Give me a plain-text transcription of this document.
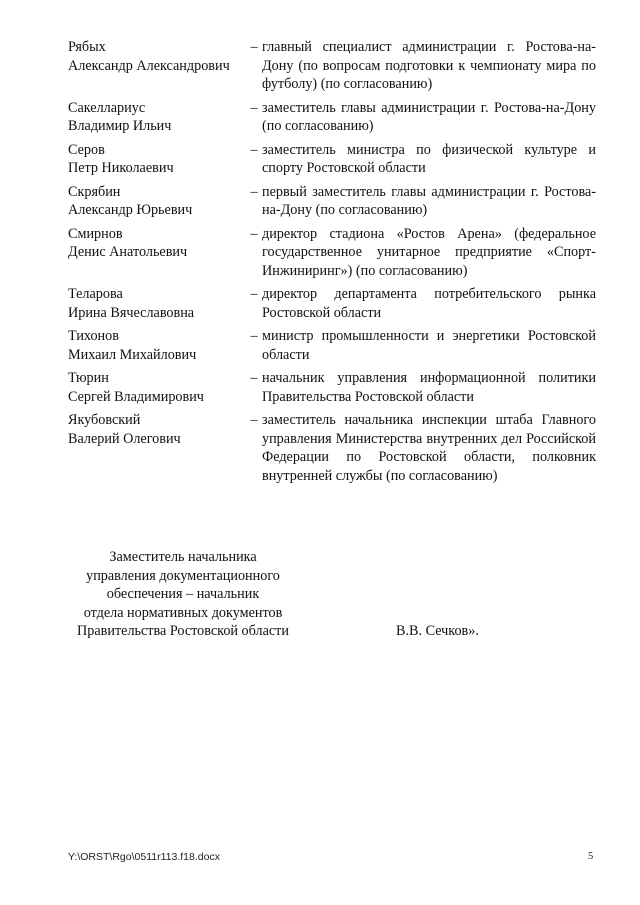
Рябых
Александр Александрович
– главный специалист администрации г. Ростова-на-Дону (по вопросам подготовки к чемпионату мира по футболу) (по согласованию)
Сакеллариус
Владимир Ильич
– заместитель главы администрации г. Ростова-на-Дону (по согласованию)
Серов
Петр Николаевич
– заместитель министра по физической культуре и спорту Ростовской области
Скрябин
Александр Юрьевич
– первый заместитель главы администрации г. Ростова-на-Дону (по согласованию)
Смирнов
Денис Анатольевич
– директор стадиона «Ростов Арена» (федеральное государственное унитарное предприятие «Спорт-Инжиниринг») (по согласованию)
Теларова
Ирина Вячеславовна
– директор департамента потребительского рынка Ростовской области
Тихонов
Михаил Михайлович
– министр промышленности и энергетики Ростовской области
Тюрин
Сергей Владимирович
– начальник управления информационной политики Правительства Ростовской области
Якубовский
Валерий Олегович
– заместитель начальника инспекции штаба Главного управления Министерства внутренних дел Российской Федерации по Ростовской области, полковник внутренней службы (по согласованию)
Заместитель начальника
управления документационного
обеспечения – начальник
отдела нормативных документов
Правительства Ростовской области	В.В. Сечков».
Y:\ORST\Rgo\0511r113.f18.docx	5
